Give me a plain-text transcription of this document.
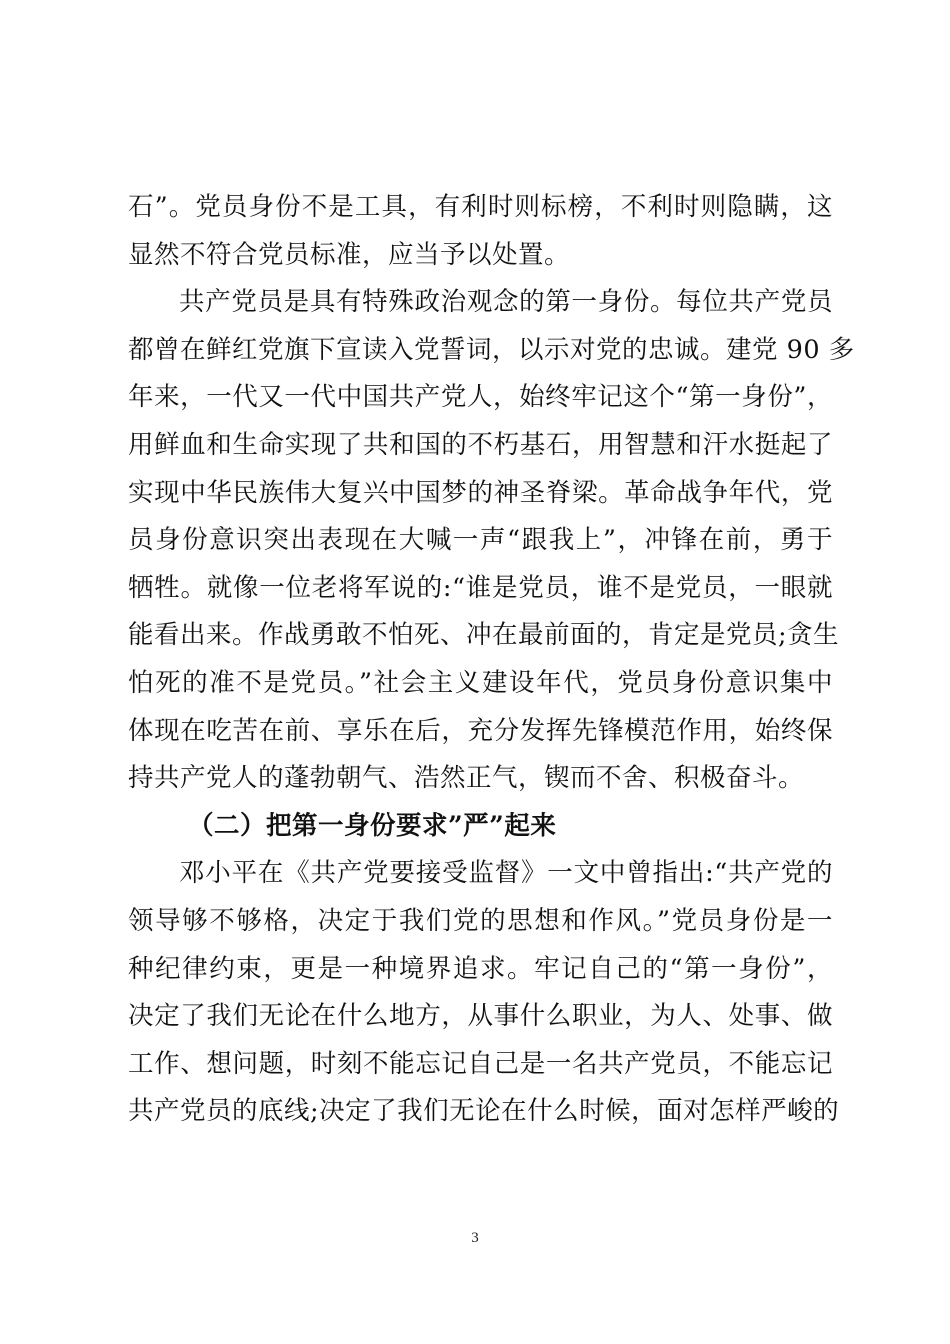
石”。党员身份不是工具，有利时则标榜，不利时则隐瞒，这
显然不符合党员标准，应当予以处置。
共产党员是具有特殊政治观念的第一身份。每位共产党员
都曾在鲜红党旗下宣读入党誓词，以示对党的忠诚。建党 90 多
年来，一代又一代中国共产党人，始终牢记这个“第一身份”，
用鲜血和生命实现了共和国的不朽基石，用智慧和汗水挺起了
实现中华民族伟大复兴中国梦的神圣脊梁。革命战争年代，党
员身份意识突出表现在大喊一声“跟我上”，冲锋在前，勇于
牺牲。就像一位老将军说的:“谁是党员，谁不是党员，一眼就
能看出来。作战勇敢不怕死、冲在最前面的，肯定是党员;贪生
怕死的准不是党员。”社会主义建设年代，党员身份意识集中
体现在吃苦在前、享乐在后，充分发挥先锋模范作用，始终保
持共产党人的蓬勃朝气、浩然正气，锲而不舍、积极奋斗。
（二）把第一身份要求”严”起来
邓小平在《共产党要接受监督》一文中曾指出:“共产党的
领导够不够格，决定于我们党的思想和作风。”党员身份是一
种纪律约束，更是一种境界追求。牢记自己的“第一身份”，
决定了我们无论在什么地方，从事什么职业，为人、处事、做
工作、想问题，时刻不能忘记自己是一名共产党员，不能忘记
共产党员的底线;决定了我们无论在什么时候，面对怎样严峻的
3
